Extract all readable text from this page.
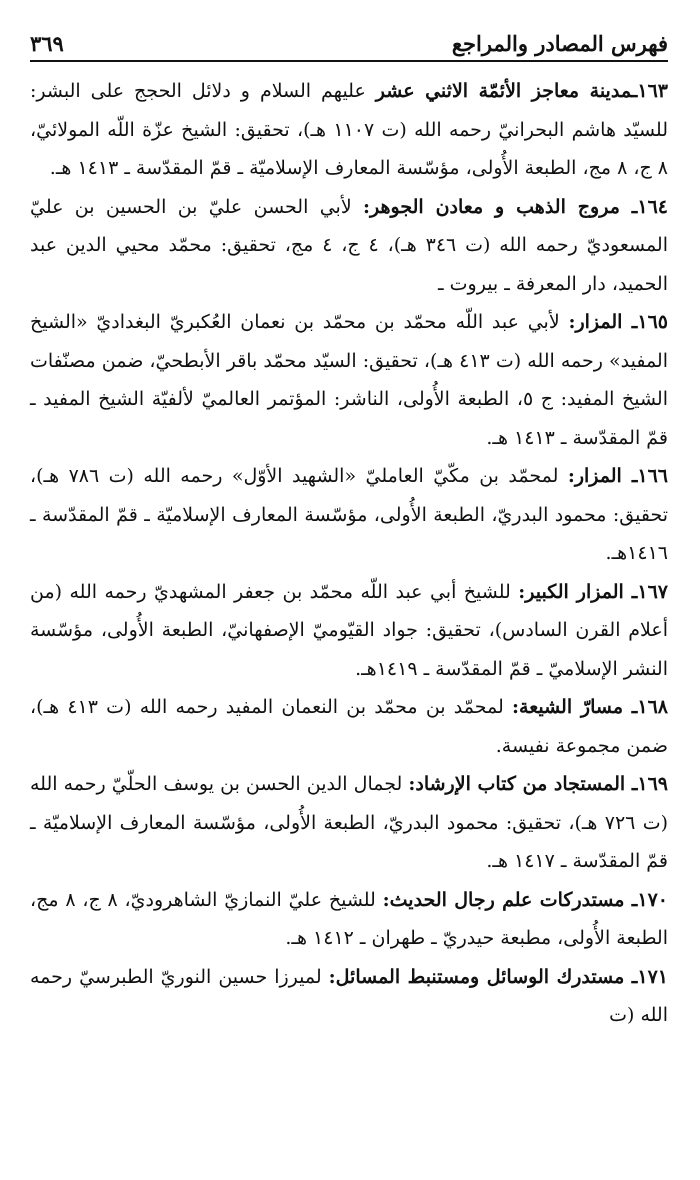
فهرس المصادر والمراجع
٣٦٩

١٦٣ـمدينة معاجز الأئمّة الاثني عشر عليهم السلام و دلائل الحجج على البشر: للسيّد هاشم البحرانيّ رحمه الله (ت ١١٠٧ هـ)، تحقيق: الشيخ عزّة اللّه المولائيّ، ٨ ج، ٨ مج، الطبعة الأُولى، مؤسّسة المعارف الإسلاميّة ـ قمّ المقدّسة ـ ١٤١٣ هـ.

١٦٤ـ مروج الذهب و معادن الجوهر: لأبي الحسن عليّ بن الحسين بن عليّ المسعوديّ رحمه الله (ت ٣٤٦ هـ)، ٤ ج، ٤ مج، تحقيق: محمّد محيي الدين عبد الحميد، دار المعرفة ـ بيروت ـ

١٦٥ـ المزار: لأبي عبد اللّه محمّد بن محمّد بن نعمان العُكبريّ البغداديّ «الشيخ المفيد» رحمه الله (ت ٤١٣ هـ)، تحقيق: السيّد محمّد باقر الأبطحيّ، ضمن مصنّفات الشيخ المفيد: ج ٥، الطبعة الأُولى، الناشر: المؤتمر العالميّ لألفيّة الشيخ المفيد ـ قمّ المقدّسة ـ ١٤١٣ هـ.

١٦٦ـ المزار: لمحمّد بن مكّيّ العامليّ «الشهيد الأوّل» رحمه الله (ت ٧٨٦ هـ)، تحقيق: محمود البدريّ، الطبعة الأُولى، مؤسّسة المعارف الإسلاميّة ـ قمّ المقدّسة ـ ١٤١٦هـ.

١٦٧ـ المزار الكبير: للشيخ أبي عبد اللّه محمّد بن جعفر المشهديّ رحمه الله (من أعلام القرن السادس)، تحقيق: جواد القيّوميّ الإصفهانيّ، الطبعة الأُولى، مؤسّسة النشر الإسلاميّ ـ قمّ المقدّسة ـ ١٤١٩هـ.

١٦٨ـ مسارّ الشيعة: لمحمّد بن محمّد بن النعمان المفيد رحمه الله (ت ٤١٣ هـ)، ضمن مجموعة نفيسة.

١٦٩ـ المستجاد من كتاب الإرشاد: لجمال الدين الحسن بن يوسف الحلّيّ رحمه الله (ت ٧٢٦ هـ)، تحقيق: محمود البدريّ، الطبعة الأُولى، مؤسّسة المعارف الإسلاميّة ـ قمّ المقدّسة ـ ١٤١٧ هـ.

١٧٠ـ مستدركات علم رجال الحديث: للشيخ عليّ النمازيّ الشاهروديّ، ٨ ج، ٨ مج، الطبعة الأُولى، مطبعة حيدريّ ـ طهران ـ ١٤١٢ هـ.

١٧١ـ مستدرك الوسائل ومستنبط المسائل: لميرزا حسين النوريّ الطبرسيّ رحمه الله (ت
